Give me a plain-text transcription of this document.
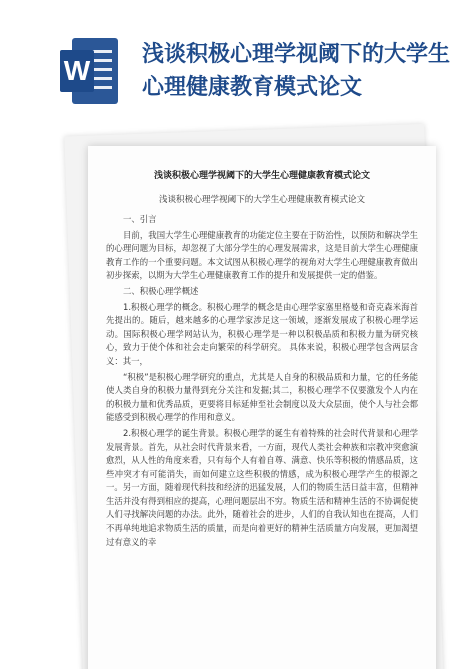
W
浅谈积极心理学视阈下的大学生心理健康教育模式论文
浅谈积极心理学视阈下的大学生心理健康教育模式论文
浅谈积极心理学视阈下的大学生心理健康教育模式论文
一、引言
目前，我国大学生心理健康教育的功能定位主要在于防治性，以预防和解决学生的心理问题为目标，却忽视了大部分学生的心理发展需求，这是目前大学生心理健康教育工作的一个重要问题。本文试图从积极心理学的视角对大学生心理健康教育做出初步探索，以期为大学生心理健康教育工作的提升和发展提供一定的借鉴。
二、积极心理学概述
1.积极心理学的概念。积极心理学的概念是由心理学家塞里格曼和奇克森米海首先提出的。随后，越来越多的心理学家涉足这一领域，逐渐发展成了积极心理学运动。国际积极心理学网站认为，积极心理学是一种以积极品质和积极力量为研究核心，致力于使个体和社会走向繁荣的科学研究。 具体来说，积极心理学包含两层含义：其一，
“积极”是积极心理学研究的重点，尤其是人自身的积极品质和力量，它的任务能使人类自身的积极力量得到充分关注和发掘;其二，积极心理学不仅要激发个人内在的积极力量和优秀品质，更要将目标延伸至社会制度以及大众层面，使个人与社会都能感受到积极心理学的作用和意义。
2.积极心理学的诞生背景。积极心理学的诞生有着特殊的社会时代背景和心理学发展背景。首先，从社会时代背景来看，一方面，现代人类社会种族和宗教冲突愈演愈烈，从人性的角度来看，只有每个人有着自尊、满意、快乐等积极的情感品质，这些冲突才有可能消失，而如何建立这些积极的情感，成为积极心理学产生的根源之一。另一方面，随着现代科技和经济的迅猛发展，人们的物质生活日益丰富，但精神生活并没有得到相应的提高，心理问题层出不穷。物质生活和精神生活的不协调促使人们寻找解决问题的办法。此外，随着社会的进步，人们的自我认知也在提高，人们不再单纯地追求物质生活的质量，而是向着更好的精神生活质量方向发展，更加渴望过有意义的幸
